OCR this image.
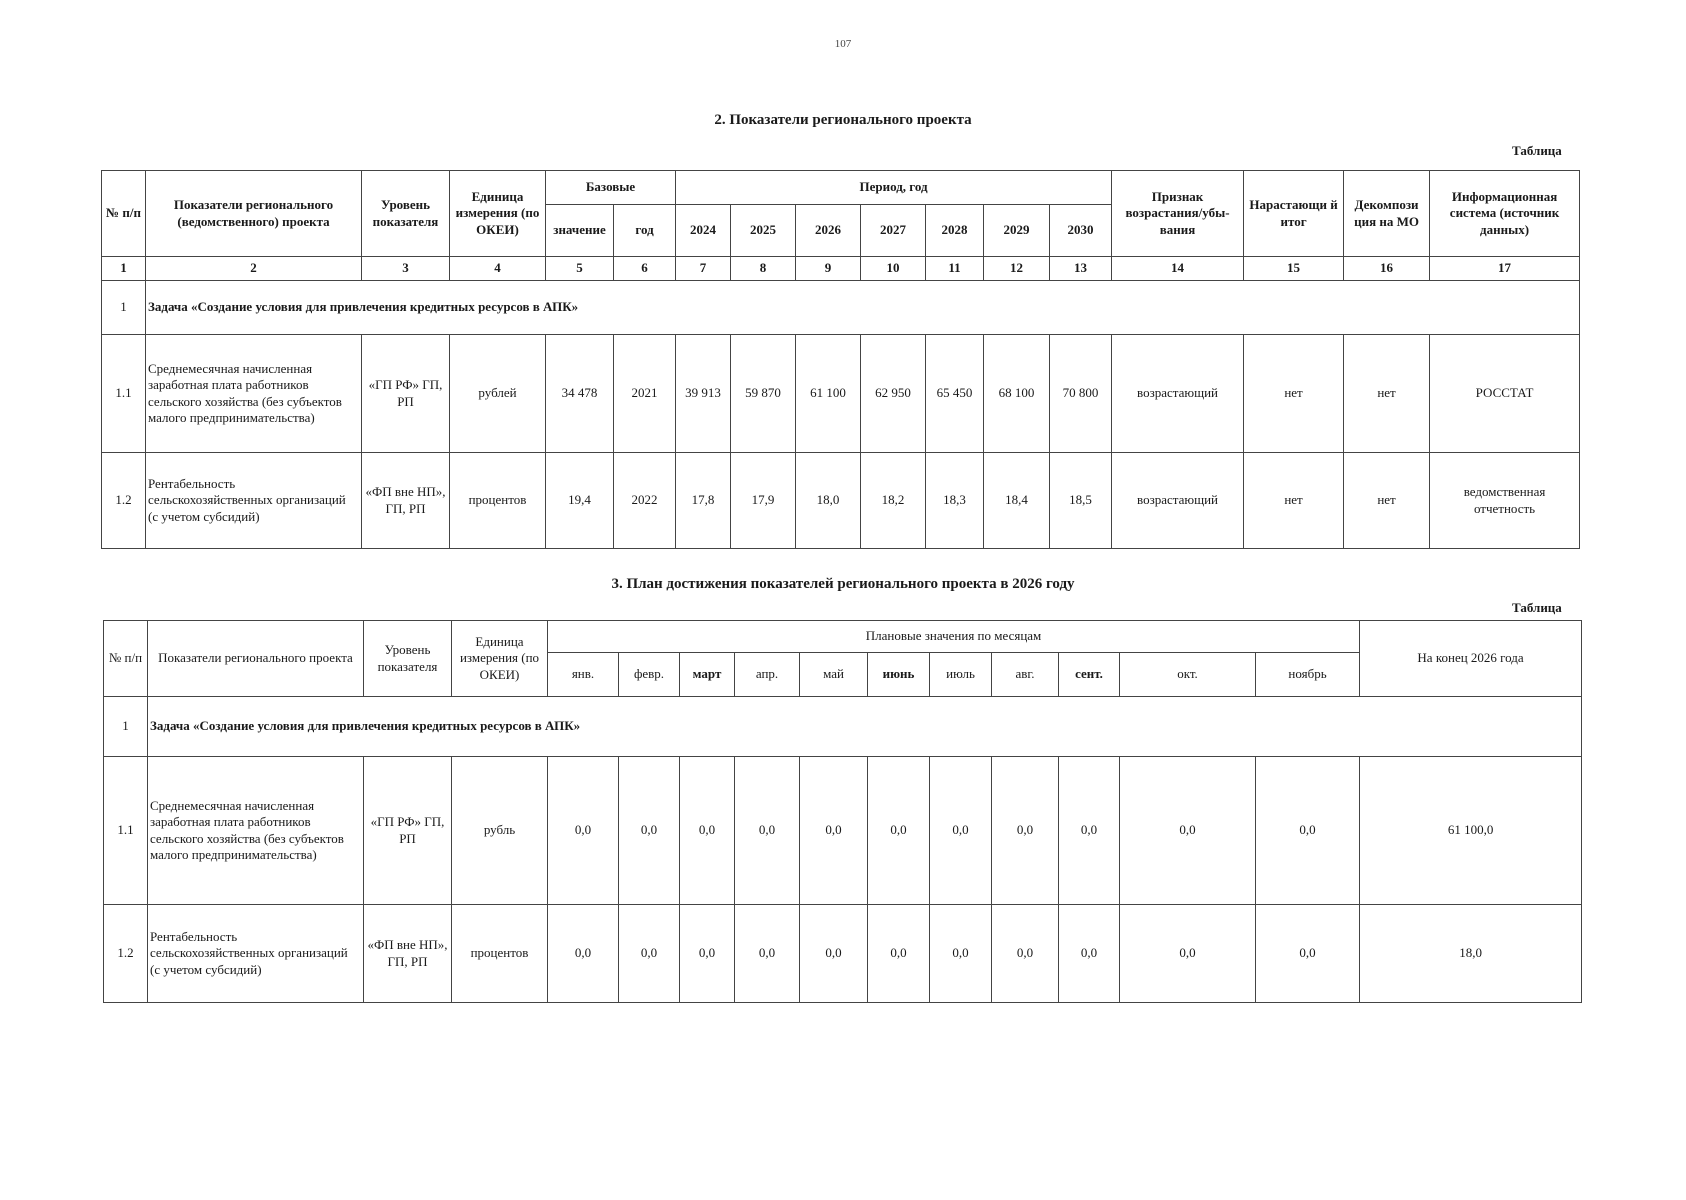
107
2. Показатели регионального проекта
Таблица
№ п/п	Показатели регионального (ведомственного) проекта	Уровень показателя	Единица измерения (по ОКЕИ)	Базовые		Период, год							Признак возрастания/убы-вания	Нарастающи й итог	Декомпози ция на МО	Информационная система (источник данных)
				значение	год	2024	2025	2026	2027	2028	2029	2030				
1	2	3	4	5	6	7	8	9	10	11	12	13	14	15	16	17
1	Задача «Создание условия для привлечения кредитных ресурсов в АПК»															
1.1	Среднемесячная начисленная заработная плата работников сельского хозяйства (без субъектов малого предпринимательства)	«ГП РФ» ГП, РП	рублей	34 478	2021	39 913	59 870	61 100	62 950	65 450	68 100	70 800	возрастающий	нет	нет	РОССТАТ
1.2	Рентабельность сельскохозяйственных организаций (с учетом субсидий)	«ФП вне НП», ГП, РП	процентов	19,4	2022	17,8	17,9	18,0	18,2	18,3	18,4	18,5	возрастающий	нет	нет	ведомственная отчетность
3. План достижения показателей регионального проекта в 2026 году
Таблица
№ п/п	Показатели регионального проекта	Уровень показателя	Единица измерения (по ОКЕИ)	Плановые значения по месяцам											На конец 2026 года
				янв.	февр.	март	апр.	май	июнь	июль	авг.	сент.	окт.	ноябрь	
1	Задача «Создание условия для привлечения кредитных ресурсов в АПК»														
1.1	Среднемесячная начисленная заработная плата работников сельского хозяйства (без субъектов малого предпринимательства)	«ГП РФ» ГП, РП	рубль	0,0	0,0	0,0	0,0	0,0	0,0	0,0	0,0	0,0	0,0	0,0	61 100,0
1.2	Рентабельность сельскохозяйственных организаций (с учетом субсидий)	«ФП вне НП», ГП, РП	процентов	0,0	0,0	0,0	0,0	0,0	0,0	0,0	0,0	0,0	0,0	0,0	18,0
